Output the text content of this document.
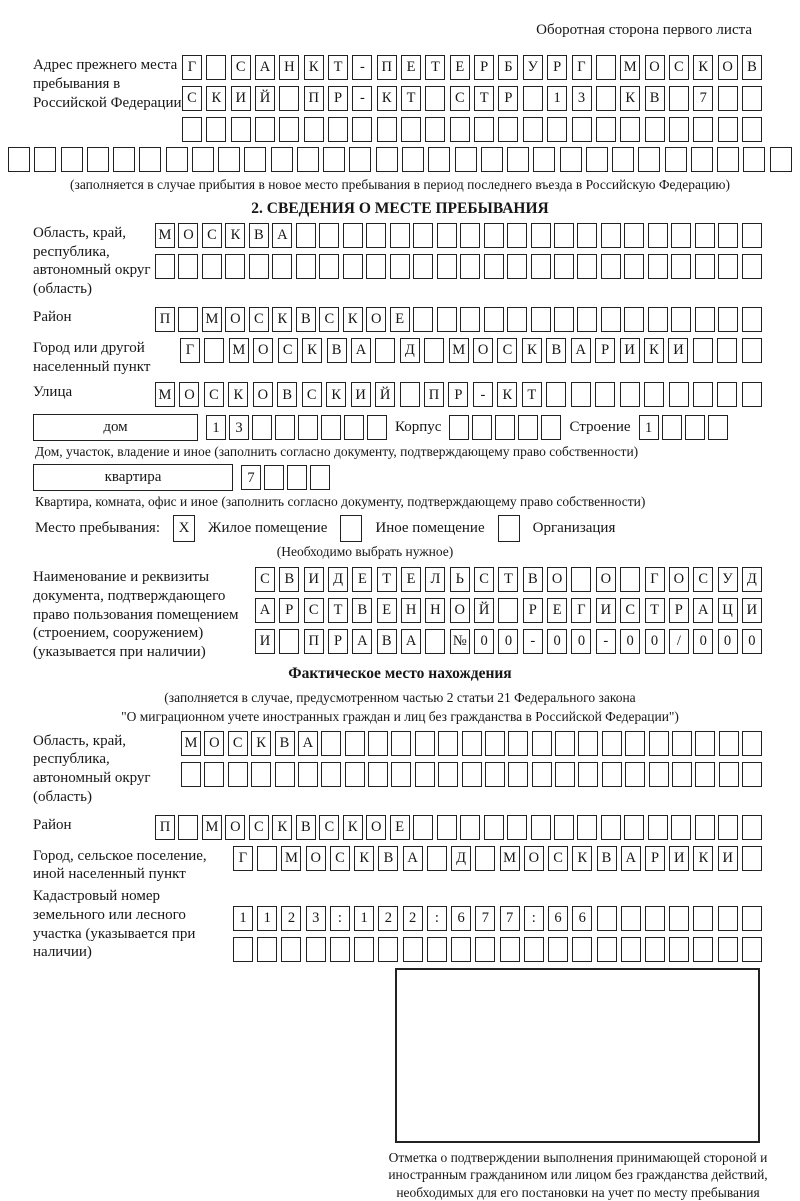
Оборотная сторона первого листа
Адрес прежнего места пребывания в Российской Федерации
Г	С А Н К	Т	-	П	Е	Т	Е	Р	Б	У	Р	Г	М О С	К О В
С	К И Й	П	Р	-	К	Т	С	Т	Р	1	3	К	В	7
(заполняется в случае прибытия в новое место пребывания в период последнего въезда в Российскую Федерацию)
2. СВЕДЕНИЯ О МЕСТЕ ПРЕБЫВАНИЯ
Область, край, республика, автономный округ (область)
М О С К В А
Район	П	М О С К В С К О Е
Город или другой населенный пункт
Г	М О С	К	В А	Д	М О С	К	В А	Р	И К И
Улица	М О С	К О В	С	К И Й	П	Р	-	К	Т
дом	1	3	Корпус	Строение 1
Дом, участок, владение и иное (заполнить согласно документу, подтверждающему право собственности)
квартира	7
Квартира, комната, офис и иное (заполнить согласно документу, подтверждающему право собственности)
Место пребывания:	X	Жилое помещение	Иное помещение	Организация
(Необходимо выбрать нужное)
Наименование и реквизиты документа, подтверждающего право пользования помещением (строением, сооружением) (указывается при наличии)
С	В И Д	Е	Т	Е	Л	Ь	С	Т	В О	О	Г	О С У Д
А	Р	С	Т	В	Е	Н Н О Й	Р	Е	Г	И С	Т	Р	А Ц И
И	П	Р	А В А	№ 0	0	-	0	0	-	0	0	/	0	0	0
Фактическое место нахождения
(заполняется в случае, предусмотренном частью 2 статьи 21 Федерального закона
"О миграционном учете иностранных граждан и лиц без гражданства в Российской Федерации")
Область, край, республика, автономный округ (область)
М О С К В А
Район	П	М О С К В С К О Е
Город, сельское поселение, иной населенный пункт
Г	М О С	К	В А	Д	М О С	К	В А	Р	И К И
Кадастровый номер земельного или лесного участка (указывается при наличии)
1	1	2	3	:	1	2	2	:	6	7	7	:	6	6
Отметка о подтверждении выполнения принимающей стороной и иностранным гражданином или лицом без гражданства действий, необходимых для его постановки на учет по месту пребывания
